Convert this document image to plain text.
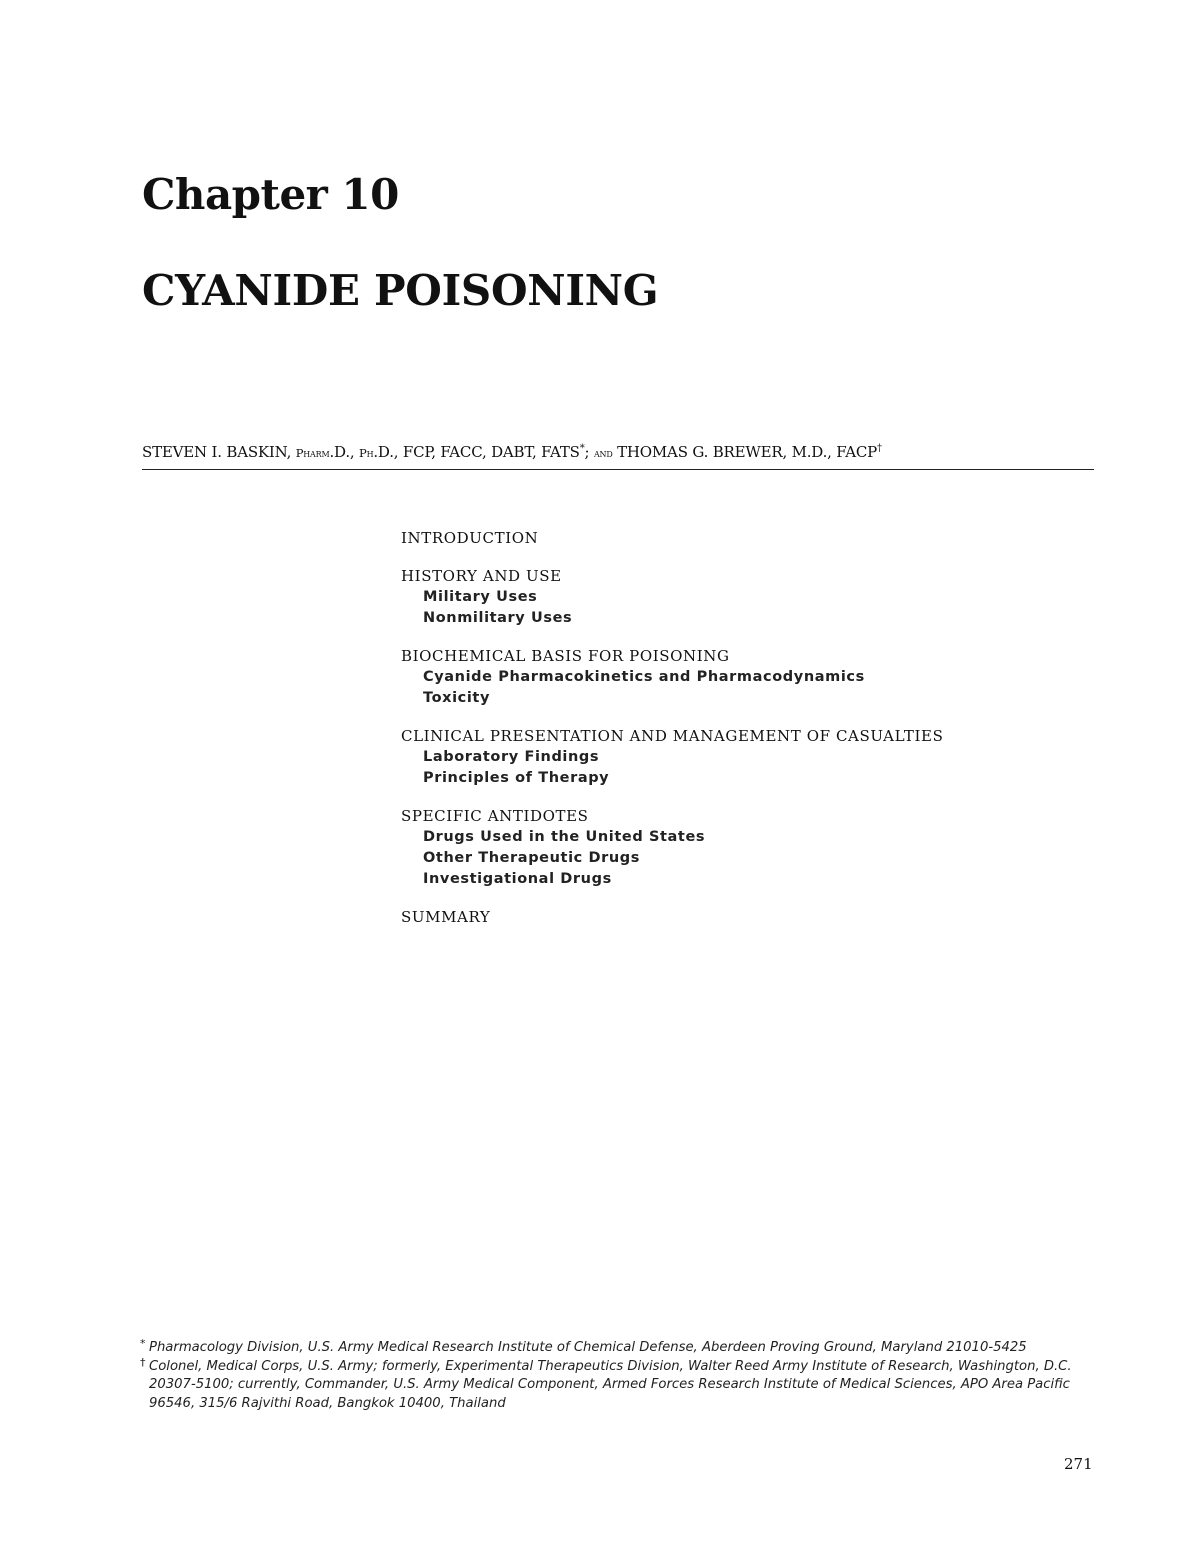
Chapter 10
CYANIDE POISONING
STEVEN I. BASKIN, Pharm.D., Ph.D., FCP, FACC, DABT, FATS*; and THOMAS G. BREWER, M.D., FACP†
INTRODUCTION
HISTORY AND USE
Military Uses
Nonmilitary Uses
BIOCHEMICAL BASIS FOR POISONING
Cyanide Pharmacokinetics and Pharmacodynamics
Toxicity
CLINICAL PRESENTATION AND MANAGEMENT OF CASUALTIES
Laboratory Findings
Principles of Therapy
SPECIFIC ANTIDOTES
Drugs Used in the United States
Other Therapeutic Drugs
Investigational Drugs
SUMMARY
* Pharmacology Division, U.S. Army Medical Research Institute of Chemical Defense, Aberdeen Proving Ground, Maryland 21010-5425
† Colonel, Medical Corps, U.S. Army; formerly, Experimental Therapeutics Division, Walter Reed Army Institute of Research, Washington, D.C. 20307-5100; currently, Commander, U.S. Army Medical Component, Armed Forces Research Institute of Medical Sciences, APO Area Pacific 96546, 315/6 Rajvithi Road, Bangkok 10400, Thailand
271
